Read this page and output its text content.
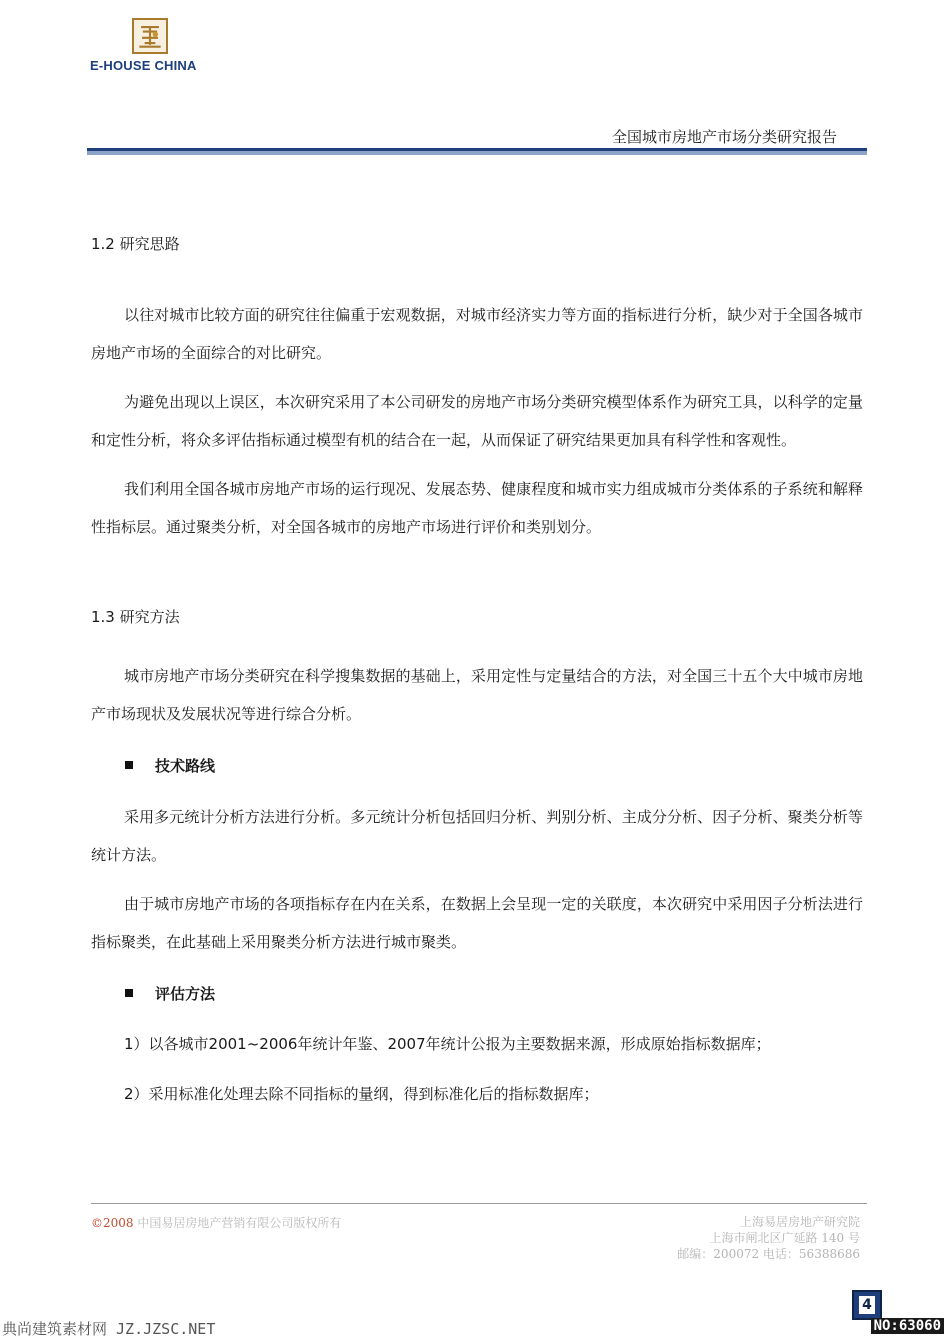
E-HOUSE CHINA
全国城市房地产市场分类研究报告

1.2 研究思路

以往对城市比较方面的研究往往偏重于宏观数据，对城市经济实力等方面的指标进行分析，缺少对于全国各城市房地产市场的全面综合的对比研究。

为避免出现以上误区，本次研究采用了本公司研发的房地产市场分类研究模型体系作为研究工具，以科学的定量和定性分析，将众多评估指标通过模型有机的结合在一起，从而保证了研究结果更加具有科学性和客观性。

我们利用全国各城市房地产市场的运行现况、发展态势、健康程度和城市实力组成城市分类体系的子系统和解释性指标层。通过聚类分析，对全国各城市的房地产市场进行评价和类别划分。

1.3 研究方法

城市房地产市场分类研究在科学搜集数据的基础上，采用定性与定量结合的方法，对全国三十五个大中城市房地产市场现状及发展状况等进行综合分析。

技术路线

采用多元统计分析方法进行分析。多元统计分析包括回归分析、判别分析、主成分分析、因子分析、聚类分析等统计方法。

由于城市房地产市场的各项指标存在内在关系，在数据上会呈现一定的关联度，本次研究中采用因子分析法进行指标聚类，在此基础上采用聚类分析方法进行城市聚类。

评估方法

1）以各城市2001~2006年统计年鉴、2007年统计公报为主要数据来源，形成原始指标数据库；

2）采用标准化处理去除不同指标的量纲，得到标准化后的指标数据库；

©2008 中国易居房地产营销有限公司版权所有	上海易居房地产研究院
上海市闸北区广延路 140 号
邮编：200072 电话：56388686
4
典尚建筑素材网 JZ.JZSC.NET	NO:63060
